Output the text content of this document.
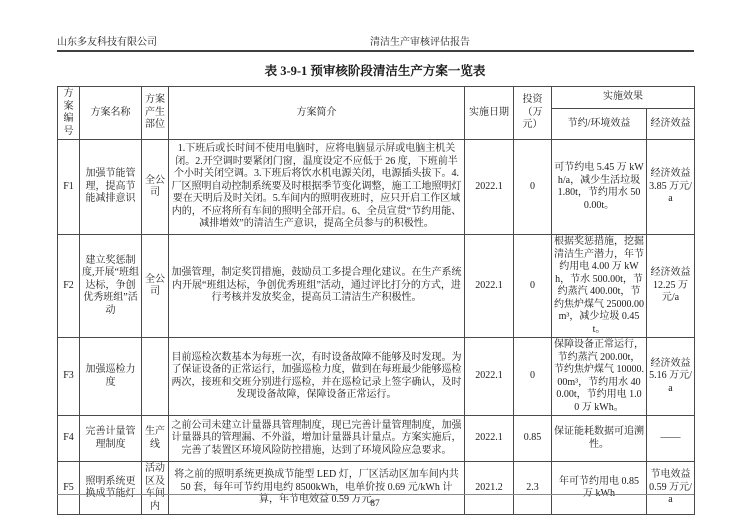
山东多友科技有限公司	清洁生产审核评估报告
表 3-9-1 预审核阶段清洁生产方案一览表
方案编号	方案名称	方案产生部位	方案简介	实施日期	投资（万元）	实施效果	
						节约/环境效益	经济效益
F1	加强节能管理，提高节能减排意识	全公司	1.下班后或长时间不使用电脑时，应将电脑显示屏或电脑主机关闭。2.开空调时要紧闭门窗，温度设定不应低于 26 度，下班前半个小时关闭空调。3.下班后将饮水机电源关闭，电源插头拔下。4.厂区照明自动控制系统要及时根据季节变化调整，施工工地照明灯要在天明后及时关闭。5.车间内的照明夜班时，应只开启工作区域内的，不应将所有车间的照明全部开启。6、全员宣贯“节约用能、减排增效”的清洁生产意识，提高全员参与的积极性。	2022.1	0	可节约电 5.45 万 kWh/a，减少生活垃圾 1.80t，节约用水 500.00t。	经济效益 3.85 万元/a
F2	建立奖惩制度,开展“班组达标，争创优秀班组”活动	全公司	加强管理，制定奖罚措施，鼓励员工多提合理化建议。在生产系统内开展“班组达标，争创优秀班组”活动，通过评比打分的方式，进行考核并发放奖金，提高员工清洁生产积极性。	2022.1	0	根据奖惩措施，挖掘清洁生产潜力，年节约用电 4.00 万 kWh，节水 500.00t，节约蒸汽 400.00t，节约焦炉煤气 25000.00m³，减少垃圾 0.45t。	经济效益 12.25 万元/a
F3	加强巡检力度		目前巡检次数基本为每班一次，有时设备故障不能够及时发现。为了保证设备的正常运行，加强巡检力度，做到在每班最少能够巡检两次，接班和交班分别进行巡检，并在巡检记录上签字确认，及时发现设备故障，保障设备正常运行。	2022.1	0	保障设备正常运行，节约蒸汽 200.00t，节约焦炉煤气 10000.00m³，节约用水 400.00t，节约用电 1.00 万 kWh。	经济效益 5.16 万元/a
F4	完善计量管理制度	生产线	之前公司未建立计量器具管理制度，现已完善计量管理制度，加强计量器具的管理漏、不外溢，增加计量器具计量点。方案实施后，完善了装置区环境风险防控措施，达到了环境风险应急要求。	2022.1	0.85	保证能耗数据可追溯性。	——
F5	照明系统更换成节能灯	活动区及车间内	将之前的照明系统更换成节能型 LED 灯，厂区活动区加车间内共 50 套，每年可节约用电约 8500kWh，电单价按 0.69 元/kWh 计算，年节电效益 0.59 万元.	2021.2	2.3	年可节约用电 0.85 万 kWh	节电效益 0.59 万元/a
87
